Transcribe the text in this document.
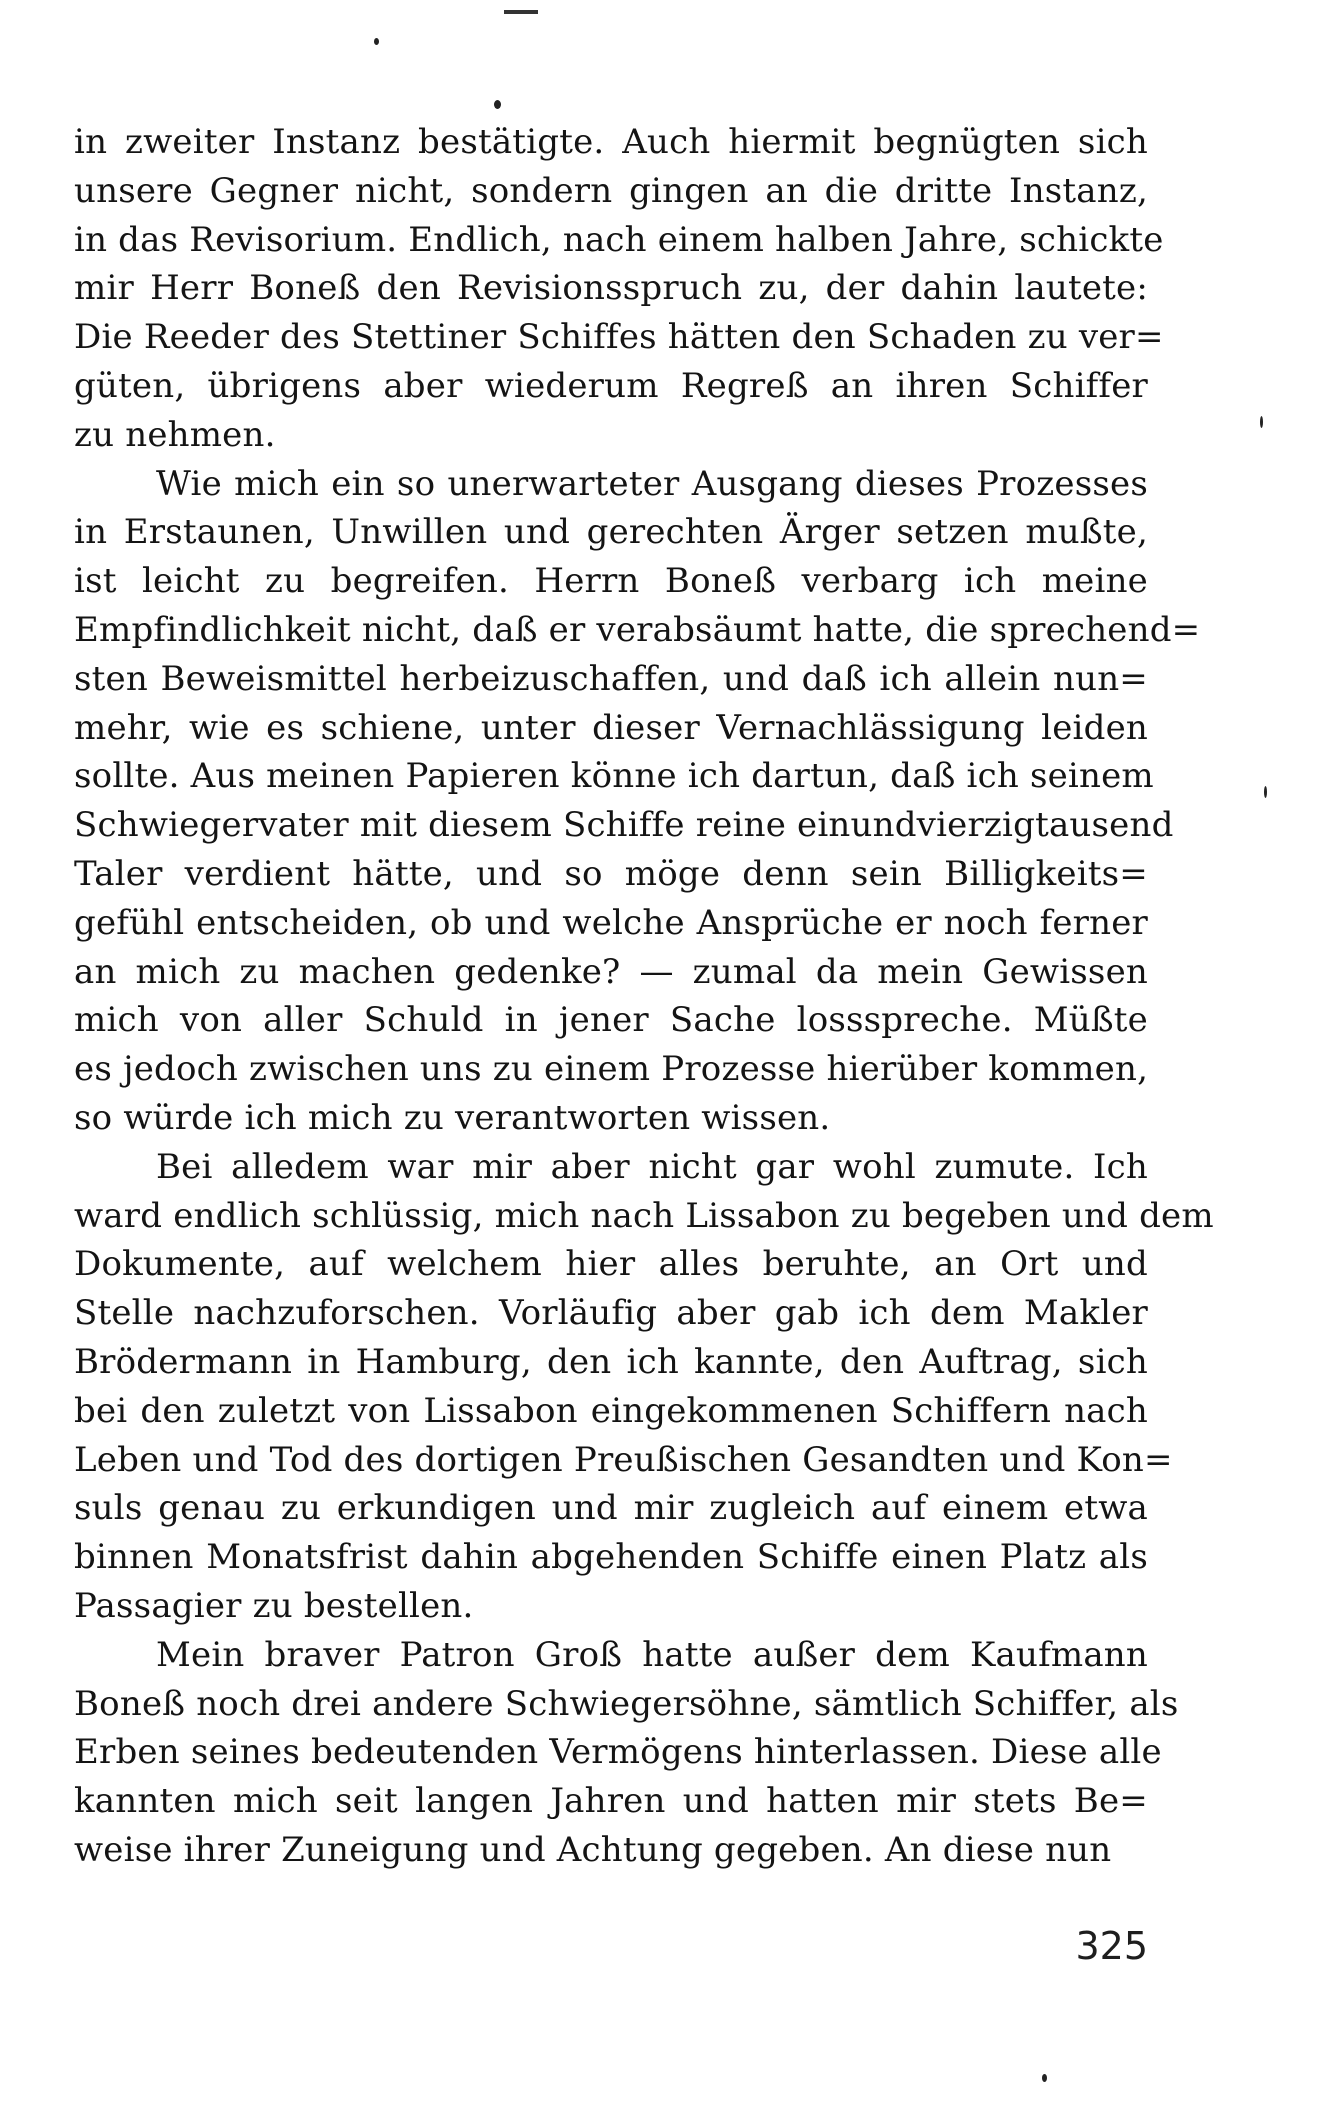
in zweiter Instanz bestätigte. Auch hiermit begnügten sich
unsere Gegner nicht, sondern gingen an die dritte Instanz,
in das Revisorium. Endlich, nach einem halben Jahre, schickte
mir Herr Boneß den Revisionsspruch zu, der dahin lautete:
Die Reeder des Stettiner Schiffes hätten den Schaden zu ver=
güten, übrigens aber wiederum Regreß an ihren Schiffer
zu nehmen.
Wie mich ein so unerwarteter Ausgang dieses Prozesses
in Erstaunen, Unwillen und gerechten Ärger setzen mußte,
ist leicht zu begreifen. Herrn Boneß verbarg ich meine
Empfindlichkeit nicht, daß er verabsäumt hatte, die sprechend=
sten Beweismittel herbeizuschaffen, und daß ich allein nun=
mehr, wie es schiene, unter dieser Vernachlässigung leiden
sollte. Aus meinen Papieren könne ich dartun, daß ich seinem
Schwiegervater mit diesem Schiffe reine einundvierzigtausend
Taler verdient hätte, und so möge denn sein Billigkeits=
gefühl entscheiden, ob und welche Ansprüche er noch ferner
an mich zu machen gedenke? — zumal da mein Gewissen
mich von aller Schuld in jener Sache lossspreche. Müßte
es jedoch zwischen uns zu einem Prozesse hierüber kommen,
so würde ich mich zu verantworten wissen.
Bei alledem war mir aber nicht gar wohl zumute. Ich
ward endlich schlüssig, mich nach Lissabon zu begeben und dem
Dokumente, auf welchem hier alles beruhte, an Ort und
Stelle nachzuforschen. Vorläufig aber gab ich dem Makler
Brödermann in Hamburg, den ich kannte, den Auftrag, sich
bei den zuletzt von Lissabon eingekommenen Schiffern nach
Leben und Tod des dortigen Preußischen Gesandten und Kon=
suls genau zu erkundigen und mir zugleich auf einem etwa
binnen Monatsfrist dahin abgehenden Schiffe einen Platz als
Passagier zu bestellen.
Mein braver Patron Groß hatte außer dem Kaufmann
Boneß noch drei andere Schwiegersöhne, sämtlich Schiffer, als
Erben seines bedeutenden Vermögens hinterlassen. Diese alle
kannten mich seit langen Jahren und hatten mir stets Be=
weise ihrer Zuneigung und Achtung gegeben. An diese nun
325
